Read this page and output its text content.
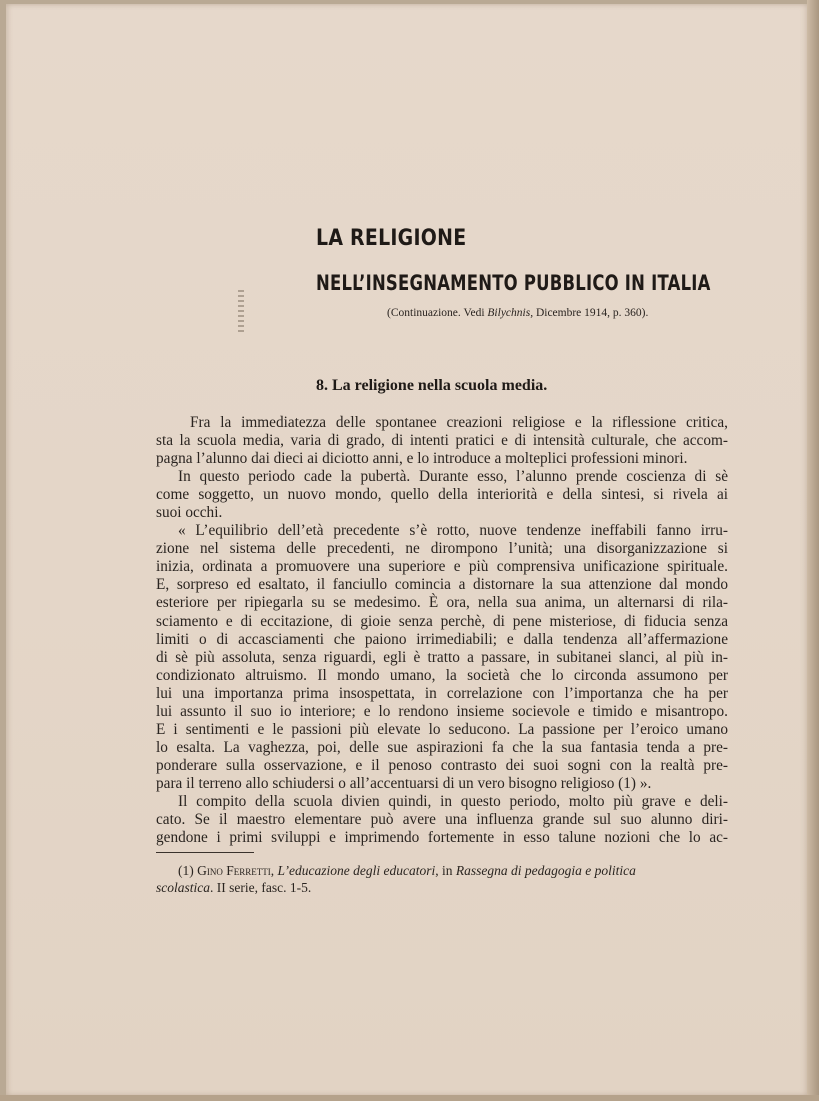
LA RELIGIONE
NELL’INSEGNAMENTO PUBBLICO IN ITALIA
(Continuazione. Vedi Bilychnis, Dicembre 1914, p. 360).
8. La religione nella scuola media.
Fra la immediatezza delle spontanee creazioni religiose e la riflessione critica,
sta la scuola media, varia di grado, di intenti pratici e di intensità culturale, che accom-
pagna l’alunno dai dieci ai diciotto anni, e lo introduce a molteplici professioni minori.
In questo periodo cade la pubertà. Durante esso, l’alunno prende coscienza di sè
come soggetto, un nuovo mondo, quello della interiorità e della sintesi, si rivela ai
suoi occhi.
« L’equilibrio dell’età precedente s’è rotto, nuove tendenze ineffabili fanno irru-
zione nel sistema delle precedenti, ne dirompono l’unità; una disorganizzazione si
inizia, ordinata a promuovere una superiore e più comprensiva unificazione spirituale.
E, sorpreso ed esaltato, il fanciullo comincia a distornare la sua attenzione dal mondo
esteriore per ripiegarla su se medesimo. È ora, nella sua anima, un alternarsi di rila-
sciamento e di eccitazione, di gioie senza perchè, di pene misteriose, di fiducia senza
limiti o di accasciamenti che paiono irrimediabili; e dalla tendenza all’affermazione
di sè più assoluta, senza riguardi, egli è tratto a passare, in subitanei slanci, al più in-
condizionato altruismo. Il mondo umano, la società che lo circonda assumono per
lui una importanza prima insospettata, in correlazione con l’importanza che ha per
lui assunto il suo io interiore; e lo rendono insieme socievole e timido e misantropo.
E i sentimenti e le passioni più elevate lo seducono. La passione per l’eroico umano
lo esalta. La vaghezza, poi, delle sue aspirazioni fa che la sua fantasia tenda a pre-
ponderare sulla osservazione, e il penoso contrasto dei suoi sogni con la realtà pre-
para il terreno allo schiudersi o all’accentuarsi di un vero bisogno religioso (1) ».
Il compito della scuola divien quindi, in questo periodo, molto più grave e deli-
cato. Se il maestro elementare può avere una influenza grande sul suo alunno diri-
gendone i primi sviluppi e imprimendo fortemente in esso talune nozioni che lo ac-
(1) Gino Ferretti, L’educazione degli educatori, in Rassegna di pedagogia e politica
scolastica. II serie, fasc. 1-5.
